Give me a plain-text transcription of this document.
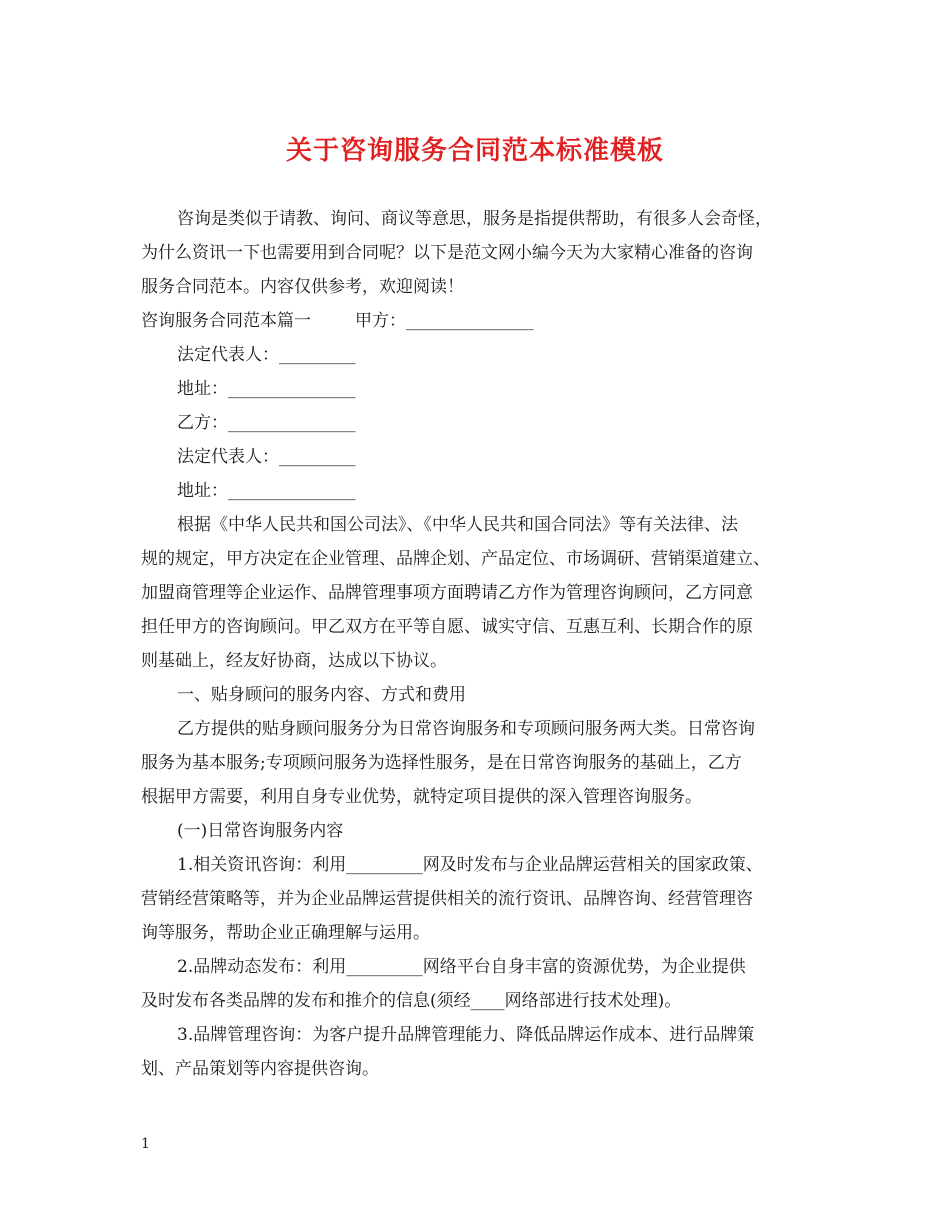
关于咨询服务合同范本标准模板
咨询是类似于请教、询问、商议等意思，服务是指提供帮助，有很多人会奇怪，
为什么资讯一下也需要用到合同呢？以下是范文网小编今天为大家精心准备的咨询
服务合同范本。内容仅供参考，欢迎阅读！
咨询服务合同范本篇一	甲方：_______________
法定代表人：_________
地址：_______________
乙方：_______________
法定代表人：_________
地址：_______________
根据《中华人民共和国公司法》、《中华人民共和国合同法》等有关法律、法
规的规定，甲方决定在企业管理、品牌企划、产品定位、市场调研、营销渠道建立、
加盟商管理等企业运作、品牌管理事项方面聘请乙方作为管理咨询顾问，乙方同意
担任甲方的咨询顾问。甲乙双方在平等自愿、诚实守信、互惠互利、长期合作的原
则基础上，经友好协商，达成以下协议。
一、贴身顾问的服务内容、方式和费用
乙方提供的贴身顾问服务分为日常咨询服务和专项顾问服务两大类。日常咨询
服务为基本服务;专项顾问服务为选择性服务，是在日常咨询服务的基础上，乙方
根据甲方需要，利用自身专业优势，就特定项目提供的深入管理咨询服务。
(一)日常咨询服务内容
1.相关资讯咨询：利用_________网及时发布与企业品牌运营相关的国家政策、
营销经营策略等，并为企业品牌运营提供相关的流行资讯、品牌咨询、经营管理咨
询等服务，帮助企业正确理解与运用。
2.品牌动态发布：利用_________网络平台自身丰富的资源优势，为企业提供
及时发布各类品牌的发布和推介的信息(须经____网络部进行技术处理)。
3.品牌管理咨询：为客户提升品牌管理能力、降低品牌运作成本、进行品牌策
划、产品策划等内容提供咨询。
1
